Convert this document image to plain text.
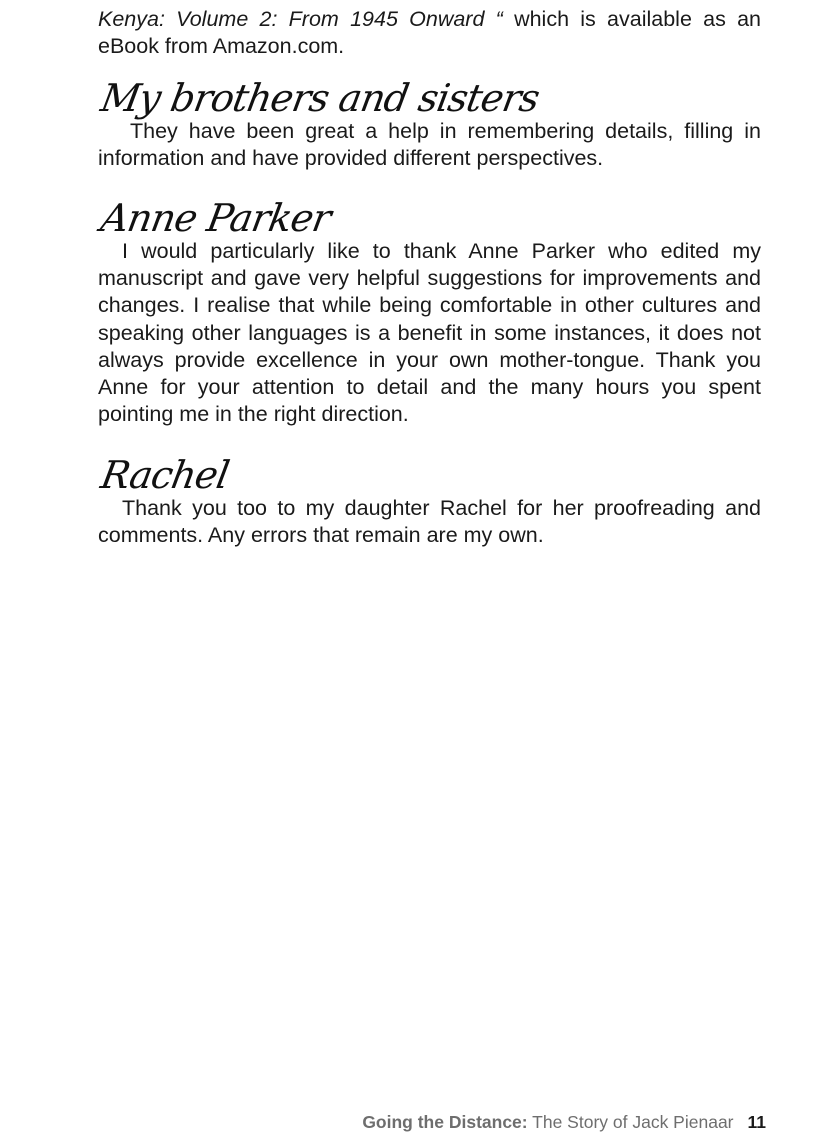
Kenya: Volume 2: From 1945 Onward “ which is available as an eBook from Amazon.com.

My brothers and sisters

They have been great a help in remembering details, filling in information and have provided different perspectives.

Anne Parker

I would particularly like to thank Anne Parker who edited my manuscript and gave very helpful suggestions for improvements and changes. I realise that while being comfortable in other cultures and speaking other languages is a benefit in some instances, it does not always provide excellence in your own mother-tongue. Thank you Anne for your attention to detail and the many hours you spent pointing me in the right direction.

Rachel

Thank you too to my daughter Rachel for her proofreading and comments. Any errors that remain are my own.

Going the Distance: The Story of Jack Pienaar 11
